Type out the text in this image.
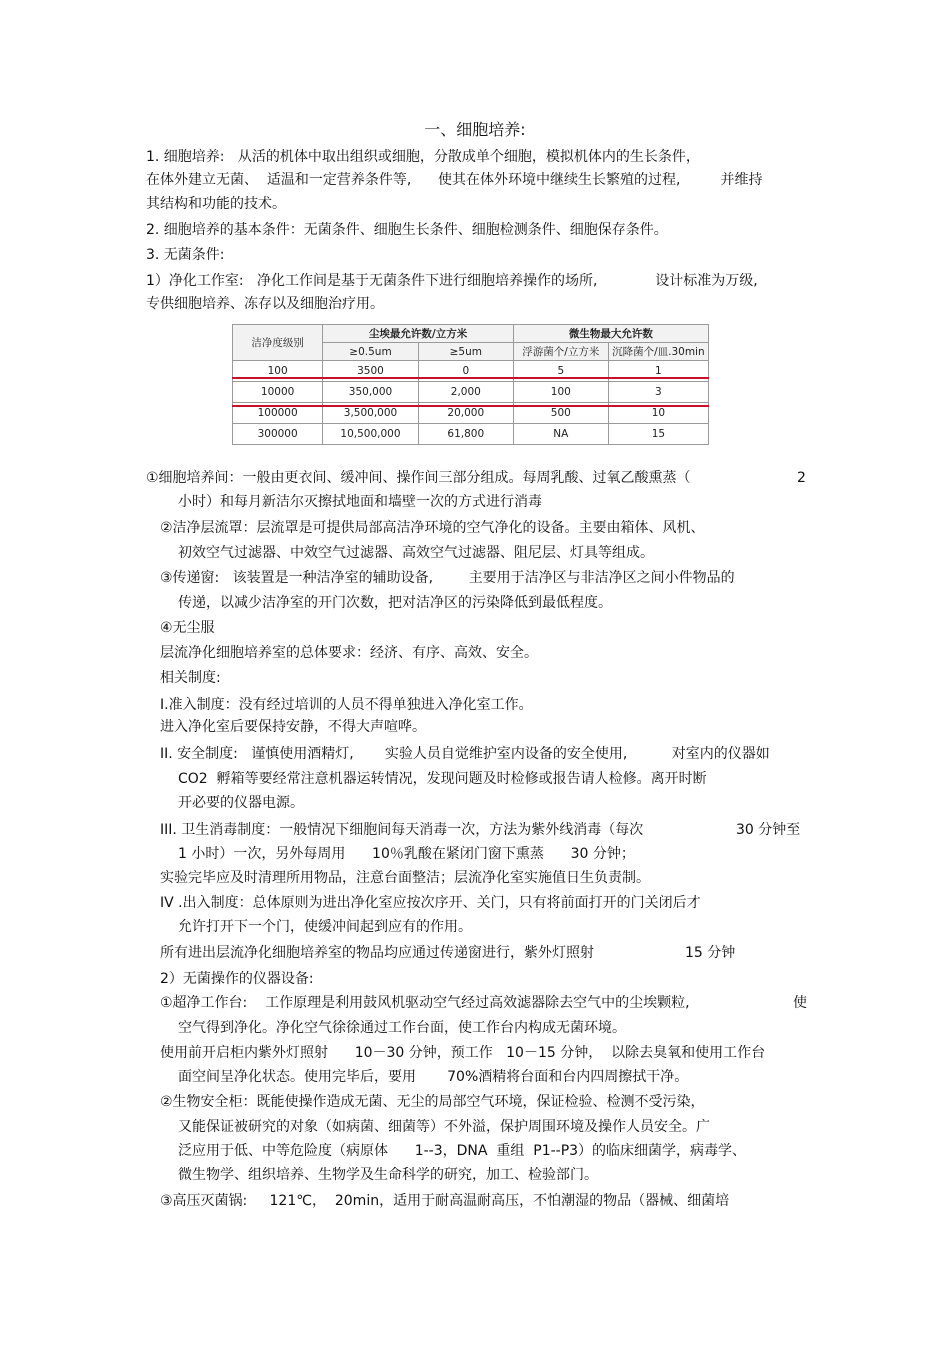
一、细胞培养:
1. 细胞培养:   从活的机体中取出组织或细胞，分散成单个细胞，模拟机体内的生长条件，
在体外建立无菌、  适温和一定营养条件等,      使其在体外环境中继续生长繁殖的过程,         并维持
其结构和功能的技术。
2. 细胞培养的基本条件：无菌条件、细胞生长条件、细胞检测条件、细胞保存条件。
3. 无菌条件:
1）净化工作室:   净化工作间是基于无菌条件下进行细胞培养操作的场所,             设计标准为万级,
专供细胞培养、冻存以及细胞治疗用。
洁净度级别	尘埃最允许数/立方米		微生物最大允许数	
	≥0.5um	≥5um	浮游菌个/立方米	沉降菌个/皿.30min
100	3500	0	5	1
10000	350,000	2,000	100	3
100000	3,500,000	20,000	500	10
300000	10,500,000	61,800	NA	15
①细胞培养间：一般由更衣间、缓冲间、操作间三部分组成。每周乳酸、过氧乙酸熏蒸（	2
小时）和每月新洁尔灭擦拭地面和墙壁一次的方式进行消毒
②洁净层流罩：层流罩是可提供局部高洁净环境的空气净化的设备。主要由箱体、风机、
初效空气过滤器、中效空气过滤器、高效空气过滤器、阻尼层、灯具等组成。
③传递窗:   该装置是一种洁净室的辅助设备,        主要用于洁净区与非洁净区之间小件物品的
传递，以减少洁净室的开门次数，把对洁净区的污染降低到最低程度。
④无尘服
层流净化细胞培养室的总体要求：经济、有序、高效、安全。
相关制度:
I.准入制度：没有经过培训的人员不得单独进入净化室工作。
进入净化室后要保持安静，不得大声喧哗。
II. 安全制度:   谨慎使用酒精灯,       实验人员自觉维护室内设备的安全使用,          对室内的仪器如
CO2  孵箱等要经常注意机器运转情况，发现问题及时检修或报告请人检修。离开时断
开必要的仪器电源。
III. 卫生消毒制度：一般情况下细胞间每天消毒一次，方法为紫外线消毒（每次	30 分钟至
1 小时）一次，另外每周用      10％乳酸在紧闭门窗下熏蒸      30 分钟；
实验完毕应及时清理所用物品，注意台面整洁；层流净化室实施值日生负责制。
IV .出入制度：总体原则为进出净化室应按次序开、关门，只有将前面打开的门关闭后才
允许打开下一个门，使缓冲间起到应有的作用。
所有进出层流净化细胞培养室的物品均应通过传递窗进行，紫外灯照射	15 分钟
2）无菌操作的仪器设备:
①超净工作台:    工作原理是利用鼓风机驱动空气经过高效滤器除去空气中的尘埃颗粒,	使
空气得到净化。净化空气徐徐通过工作台面，使工作台内构成无菌环境。
使用前开启柜内紫外灯照射      10－30 分钟，预工作   10－15 分钟，  以除去臭氧和使用工作台
面空间呈净化状态。使用完毕后，要用       70%酒精将台面和台内四周擦拭干净。
②生物安全柜：既能使操作造成无菌、无尘的局部空气环境，保证检验、检测不受污染，
又能保证被研究的对象（如病菌、细菌等）不外溢，保护周围环境及操作人员安全。广
泛应用于低、中等危险度（病原体      1--3，DNA  重组  P1--P3）的临床细菌学，病毒学、
微生物学、组织培养、生物学及生命科学的研究，加工、检验部门。
③高压灭菌锅:     121℃，  20min，适用于耐高温耐高压，不怕潮湿的物品（器械、细菌培
